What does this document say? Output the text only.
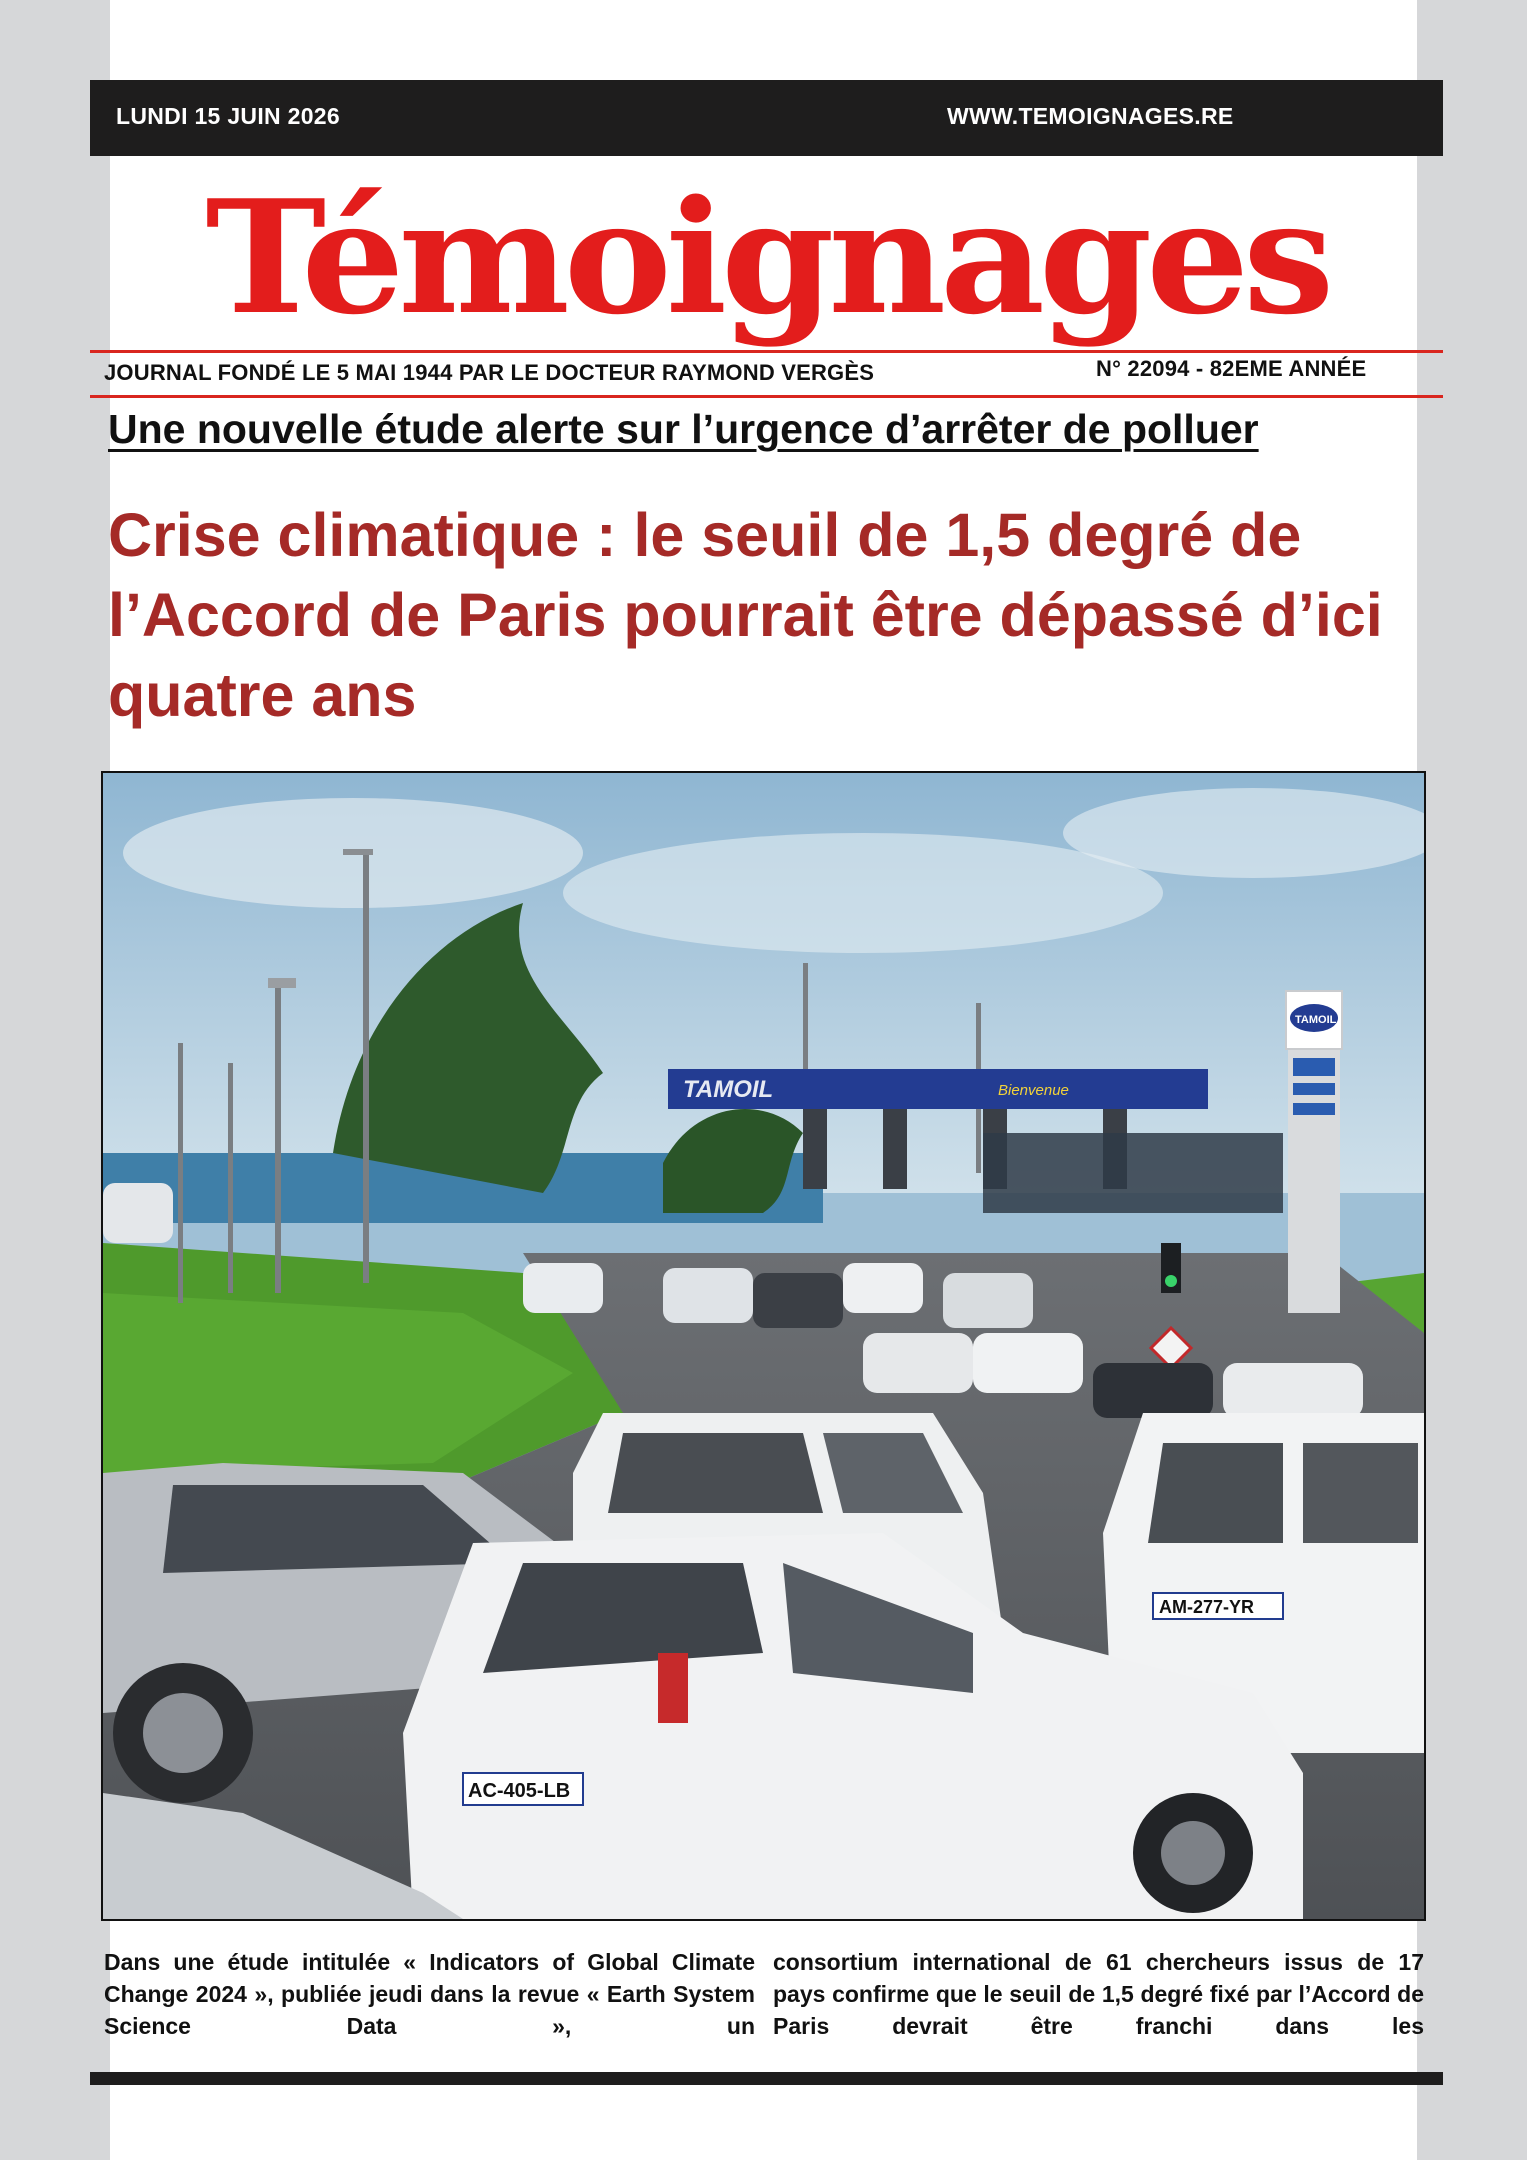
LUNDI 15 JUIN 2026	WWW.TEMOIGNAGES.RE
Témoignages
JOURNAL FONDÉ LE 5 MAI 1944 PAR LE DOCTEUR RAYMOND VERGÈS	N° 22094 - 82EME ANNÉE
Une nouvelle étude alerte sur l’urgence d’arrêter de polluer
Crise climatique : le seuil de 1,5 degré de l’Accord de Paris pourrait être dépassé d’ici quatre ans
TAMOIL	Bienvenue
TAMOIL
AM-277-YR
AC-405-LB
Dans une étude intitulée « Indicators of Global Climate Change 2024 », publiée jeudi dans la revue « Earth System Science Data », un
consortium international de 61 chercheurs issus de 17 pays confirme que le seuil de 1,5 degré fixé par l’Accord de Paris devrait être franchi dans les
